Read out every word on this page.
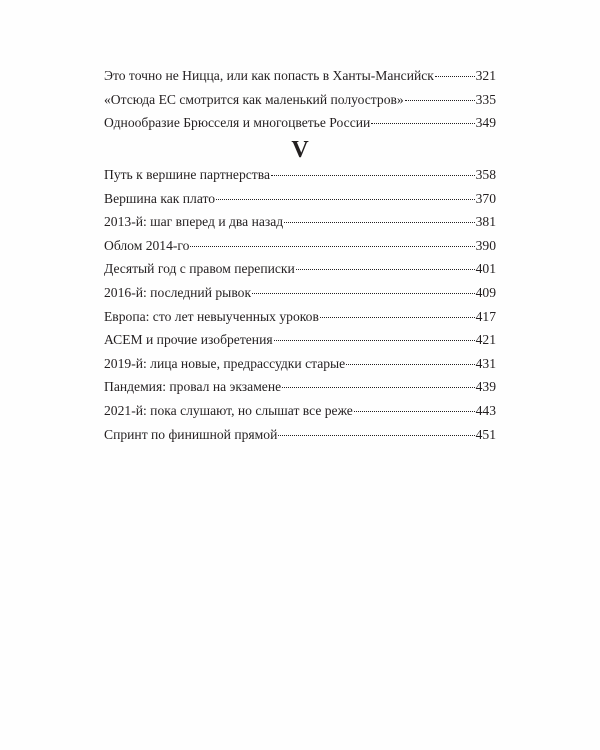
Это точно не Ницца, или как попасть в Ханты-Мансийск	321
«Отсюда ЕС смотрится как маленький полуостров»	335
Однообразие Брюсселя и многоцветье России	349
V
Путь к вершине партнерства	358
Вершина как плато	370
2013-й: шаг вперед и два назад	381
Облом 2014-го	390
Десятый год с правом переписки	401
2016-й: последний рывок	409
Европа: сто лет невыученных уроков	417
АСЕМ и прочие изобретения	421
2019-й: лица новые, предрассудки старые	431
Пандемия: провал на экзамене	439
2021-й: пока слушают, но слышат все реже	443
Спринт по финишной прямой	451
